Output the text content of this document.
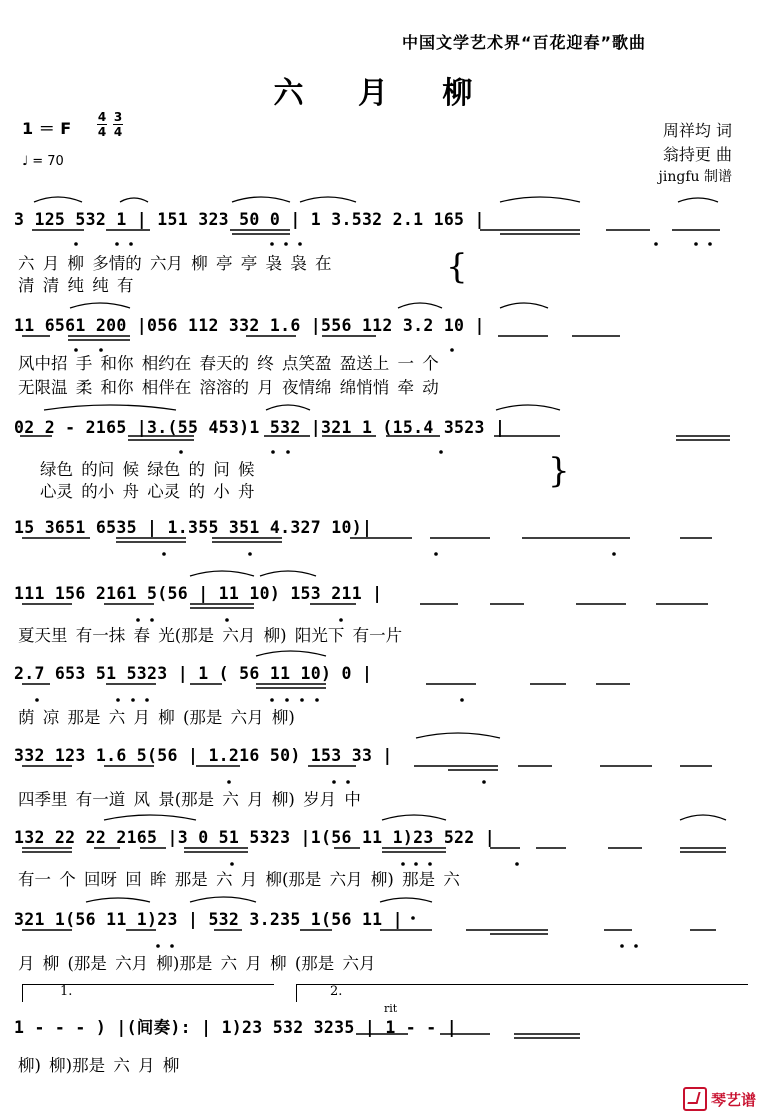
中国文学艺术界“百花迎春”歌曲
六 月 柳
1 ＝ F $\frac{4}{4} \frac{3}{4}$
♩ = 70
周祥均 词
翁持更 曲
jingfu 制谱
3 125 532 1 | 151 323 50 0 | 1 3.532 2.1 165 |
六 月 柳 多情的 六月 柳 亭 亭 袅 袅 在
清 清 纯 纯 有	{
11 6561 200 |056 112 332 1.6 |556 112 3.2 10 |
风中招 手 和你 相约在 春天的 终 点笑盈 盈送上 一 个
无限温 柔 和你 相伴在 溶溶的 月 夜情绵 绵悄悄 牵 动
02 2 - 2165 |3.(55 453)1 532 |321 1 (15.4 3523 |
绿色 的问 候 绿色 的 问 候
心灵 的小 舟 心灵 的 小 舟
}
15 3651 6535 | 1.355 351 4.327 10)|
111 156 2161 5(56 | 11 10) 153 211 |
夏天里 有一抹 春 光(那是 六月 柳) 阳光下 有一片
2.7 653 51 5323 | 1 ( 56 11 10) 0 |
荫 凉 那是 六 月 柳 (那是 六月 柳)
332 123 1.6 5(56 | 1.216 50) 153 33 |
四季里 有一道 风 景(那是 六 月 柳) 岁月 中
132 22 22 2165 |3 0 51 5323 |1(56 11 1)23 522 |
有一 个 回呀 回 眸 那是 六 月 柳(那是 六月 柳) 那是 六
321 1(56 11 1)23 | 532 3.235 1(56 11 |
月 柳 (那是 六月 柳)那是 六 月 柳 (那是 六月
1.	2.
rit
1 - - - ) |(间奏): | 1)23 532 3235 | 1 - - |
柳) 柳)那是 六 月 柳
琴艺谱
